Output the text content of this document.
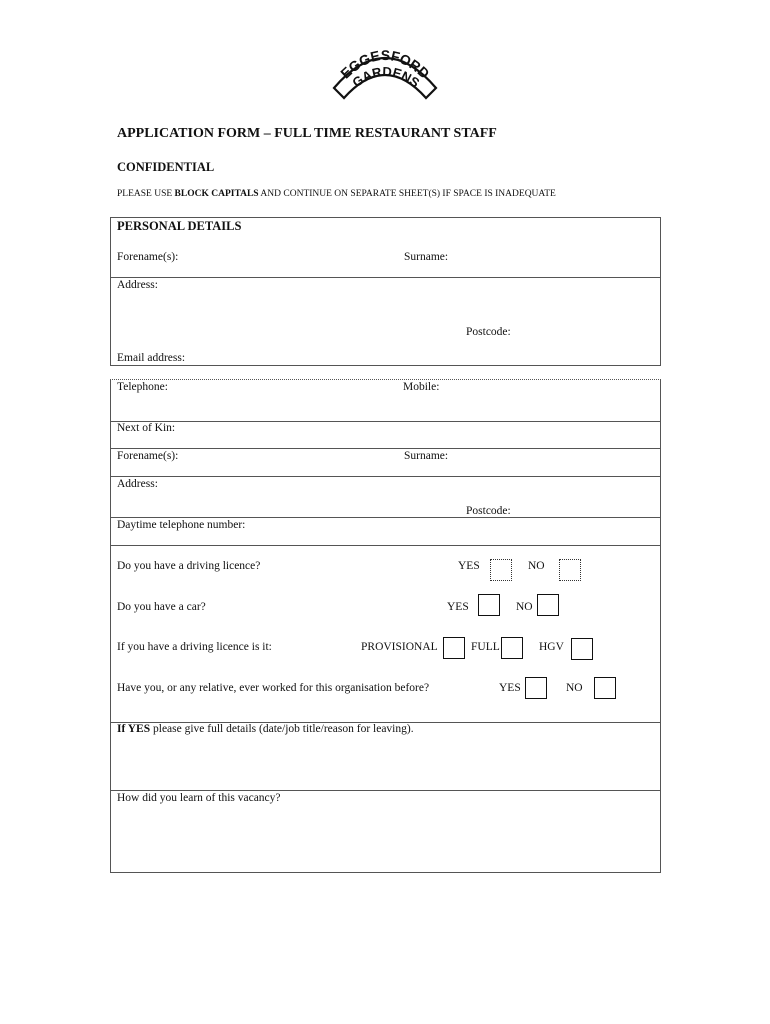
EGGESFORD
GARDENS
APPLICATION FORM – FULL TIME RESTAURANT STAFF
CONFIDENTIAL
PLEASE USE BLOCK CAPITALS AND CONTINUE ON SEPARATE SHEET(S) IF SPACE IS INADEQUATE
PERSONAL DETAILS
Forename(s):	Surname:
Address:
Postcode:
Email address:
Telephone:	Mobile:
Next of Kin:
Forename(s):	Surname:
Address:
Postcode:
Daytime telephone number:
Do you have a driving licence?	YES	NO
Do you have a car?	YES	NO
If you have a driving licence is it:	PROVISIONAL	FULL	HGV
Have you, or any relative, ever worked for this organisation before?	YES	NO
If YES please give full details (date/job title/reason for leaving).
How did you learn of this vacancy?
